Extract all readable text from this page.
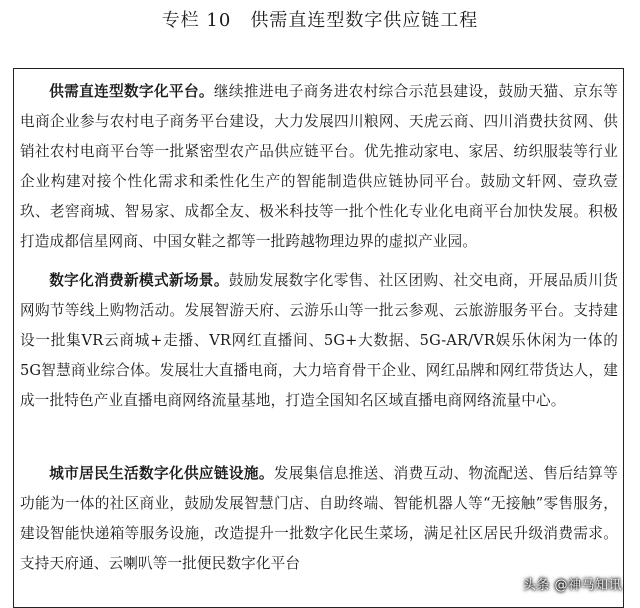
专栏 10　供需直连型数字供应链工程

供需直连型数字化平台。继续推进电子商务进农村综合示范县建设，鼓励天猫、京东等电商企业参与农村电子商务平台建设，大力发展四川粮网、天虎云商、四川消费扶贫网、供销社农村电商平台等一批紧密型农产品供应链平台。优先推动家电、家居、纺织服装等行业企业构建对接个性化需求和柔性化生产的智能制造供应链协同平台。鼓励文轩网、壹玖壹玖、老窖商城、智易家、成都全友、极米科技等一批个性化专业化电商平台加快发展。积极打造成都信星网商、中国女鞋之都等一批跨越物理边界的虚拟产业园。

数字化消费新模式新场景。鼓励发展数字化零售、社区团购、社交电商，开展品质川货网购节等线上购物活动。发展智游天府、云游乐山等一批云参观、云旅游服务平台。支持建设一批集VR云商城+走播、VR网红直播间、5G+大数据、5G-AR/VR娱乐休闲为一体的5G智慧商业综合体。发展壮大直播电商，大力培育骨干企业、网红品牌和网红带货达人，建成一批特色产业直播电商网络流量基地，打造全国知名区域直播电商网络流量中心。

城市居民生活数字化供应链设施。发展集信息推送、消费互动、物流配送、售后结算等功能为一体的社区商业，鼓励发展智慧门店、自助终端、智能机器人等“无接触”零售服务，建设智能快递箱等服务设施，改造提升一批数字化民生菜场，满足社区居民升级消费需求。支持天府通、云喇叭等一批便民数字化平台

头条 @神马知讯
